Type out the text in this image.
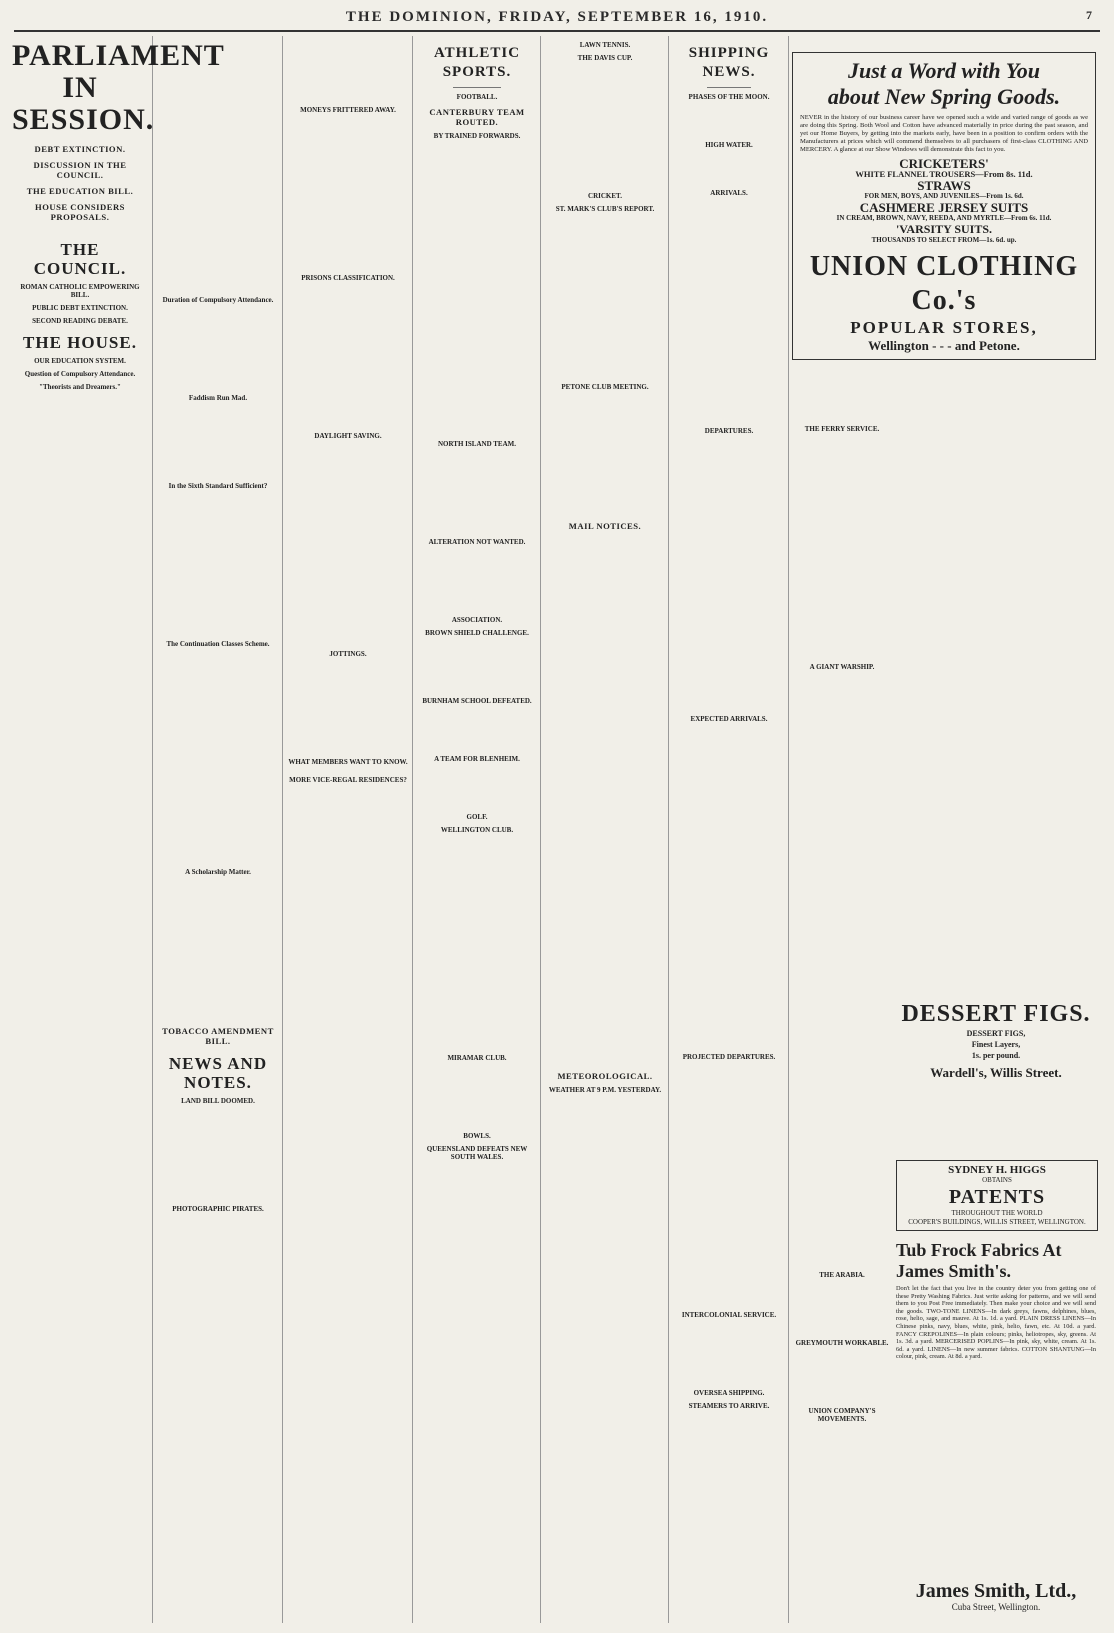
THE DOMINION, FRIDAY, SEPTEMBER 16, 1910.	7
PARLIAMENT IN SESSION.
DEBT EXTINCTION.
DISCUSSION IN THE COUNCIL.
THE EDUCATION BILL.
HOUSE CONSIDERS PROPOSALS.
THE COUNCIL.
ROMAN CATHOLIC EMPOWERING BILL.
PUBLIC DEBT EXTINCTION.
SECOND READING DEBATE.
THE HOUSE.
OUR EDUCATION SYSTEM.
Question of Compulsory Attendance.
"Theorists and Dreamers."
Duration of Compulsory Attendance.
Faddism Run Mad.
In the Sixth Standard Sufficient?
The Continuation Classes Scheme.
A Scholarship Matter.
TOBACCO AMENDMENT BILL.
NEWS AND NOTES.
LAND BILL DOOMED.
PHOTOGRAPHIC PIRATES.
MONEYS FRITTERED AWAY.
PRISONS CLASSIFICATION.
DAYLIGHT SAVING.
JOTTINGS.
WHAT MEMBERS WANT TO KNOW.
MORE VICE-REGAL RESIDENCES?
ATHLETIC SPORTS.
FOOTBALL.
CANTERBURY TEAM ROUTED.
BY TRAINED FORWARDS.
NORTH ISLAND TEAM.
ALTERATION NOT WANTED.
ASSOCIATION.
BROWN SHIELD CHALLENGE.
BURNHAM SCHOOL DEFEATED.
A TEAM FOR BLENHEIM.
GOLF.
WELLINGTON CLUB.
MIRAMAR CLUB.
BOWLS.
QUEENSLAND DEFEATS NEW SOUTH WALES.
LAWN TENNIS.
THE DAVIS CUP.
CRICKET.
ST. MARK'S CLUB'S REPORT.
PETONE CLUB MEETING.
MAIL NOTICES.
METEOROLOGICAL.
WEATHER AT 9 P.M. YESTERDAY.
SHIPPING NEWS.
PHASES OF THE MOON.
HIGH WATER.
ARRIVALS.
DEPARTURES.
EXPECTED ARRIVALS.
PROJECTED DEPARTURES.
INTERCOLONIAL SERVICE.
OVERSEA SHIPPING.
STEAMERS TO ARRIVE.
THE FERRY SERVICE.
A GIANT WARSHIP.
THE ARABIA.
GREYMOUTH WORKABLE.
UNION COMPANY'S MOVEMENTS.
Just a Word with You
about New Spring Goods.
NEVER in the history of our business career have we opened such a wide and varied range of goods as we are doing this Spring. Both Wool and Cotton have advanced materially in price during the past season, and yet our Home Buyers, by getting into the markets early, have been in a position to confirm orders with the Manufacturers at prices which will commend themselves to all purchasers of first-class CLOTHING AND MERCERY. A glance at our Show Windows will demonstrate this fact to you.
CRICKETERS'
WHITE FLANNEL TROUSERS—From 8s. 11d.
STRAWS
FOR MEN, BOYS, AND JUVENILES—From 1s. 6d.
CASHMERE JERSEY SUITS
IN CREAM, BROWN, NAVY, REEDA, AND MYRTLE—From 6s. 11d.
'VARSITY SUITS.
THOUSANDS TO SELECT FROM—1s. 6d. up.
UNION CLOTHING Co.'s
POPULAR STORES,
Wellington - - - and Petone.
DESSERT FIGS.
DESSERT FIGS,
Finest Layers,
1s. per pound.
Wardell's, Willis Street.
SYDNEY H. HIGGS
OBTAINS
PATENTS
THROUGHOUT THE WORLD
COOPER'S BUILDINGS, WILLIS STREET, WELLINGTON.
Tub Frock Fabrics At James Smith's.
Don't let the fact that you live in the country deter you from getting one of these Pretty Washing Fabrics. Just write asking for patterns, and we will send them to you Post Free immediately. Then make your choice and we will send the goods. TWO-TONE LINENS—In dark greys, fawns, delphines, blues, rose, helio, sage, and mauve. At 1s. 1d. a yard. PLAIN DRESS LINENS—In Chinese pinks, navy, blues, white, pink, helio, fawn, etc. At 10d. a yard. FANCY CREPOLINES—In plain colours; pinks, heliotropes, sky, greens. At 1s. 3d. a yard. MERCERISED POPLINS—In pink, sky, white, cream. At 1s. 6d. a yard. LINENS—In new summer fabrics. COTTON SHANTUNG—In colour, pink, cream. At 8d. a yard.
James Smith, Ltd.,
Cuba Street, Wellington.
